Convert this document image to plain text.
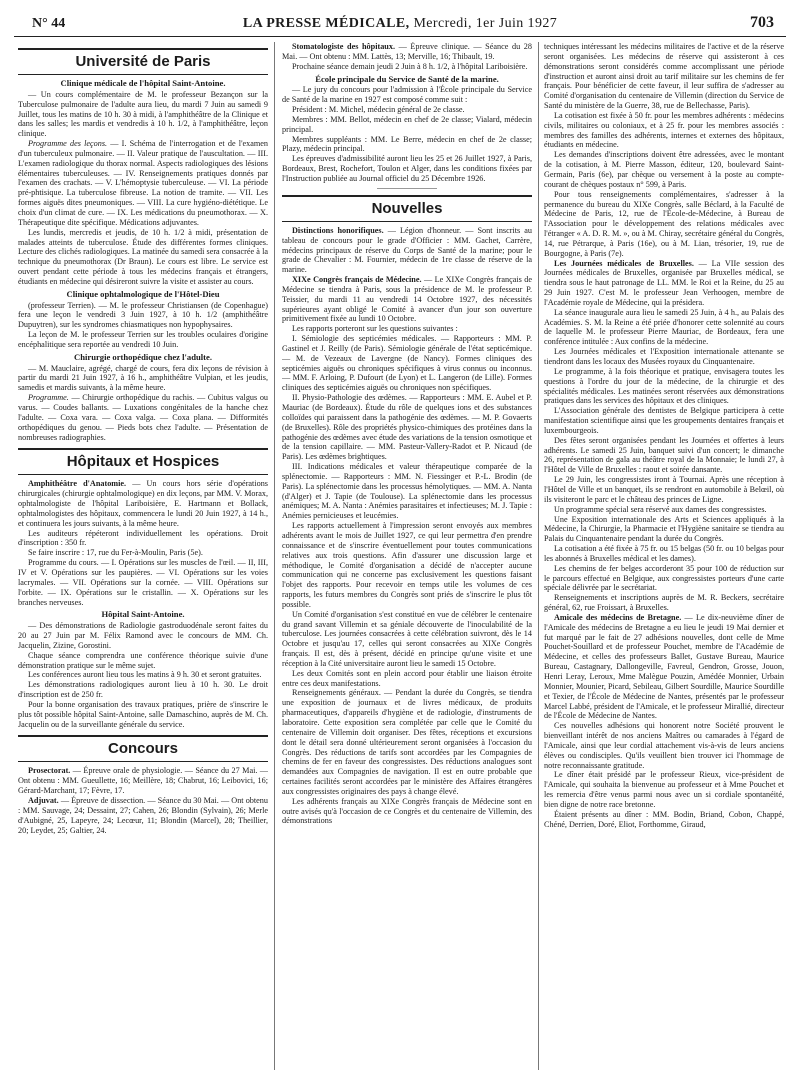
N° 44	LA PRESSE MÉDICALE, Mercredi, 1er Juin 1927	703
Université de Paris
Clinique médicale de l'hôpital Saint-Antoine.

— Un cours complémentaire de M. le professeur Bezançon sur la Tuberculose pulmonaire de l'adulte aura lieu, du mardi 7 Juin au samedi 9 Juillet, tous les matins de 10 h. 30 à midi, à l'amphithéâtre de la Clinique et dans les salles; les mardis et vendredis à 10 h. 1/2, à l'amphithéâtre, leçon clinique.

Programme des leçons. — I. Schéma de l'interrogation et de l'examen d'un tuberculeux pulmonaire. — II. Valeur pratique de l'auscultation. — III. L'examen radiologique du thorax normal. Aspects radiologiques des lésions élémentaires tuberculeuses. — IV. Renseignements pratiques donnés par l'examen des crachats. — V. L'hémoptysie tuberculeuse. — VI. La période pré-phtisique. La tuberculose fibreuse. La notion de tramite. — VII. Les formes aiguës dites pneumoniques. — VIII. La cure hygiéno-diététique. Le choix d'un climat de cure. — IX. Les médications du pneumothorax. — X. Thérapeutique dite spécifique. Médications adjuvantes.

Les lundis, mercredis et jeudis, de 10 h. 1/2 à midi, présentation de malades atteints de tuberculose. Étude des différentes formes cliniques. Lecture des clichés radiologiques. La matinée du samedi sera consacrée à la technique du pneumothorax (Dr Braun). Le cours est libre. Le service est ouvert pendant cette période à tous les médecins français et étrangers, étudiants en médecine qui désireront suivre la visite et assister au cours.

Clinique ophtalmologique de l'Hôtel-Dieu

(professeur Terrien). — M. le professeur Christiansen (de Copenhague) fera une leçon le vendredi 3 Juin 1927, à 10 h. 1/2 (amphithéâtre Dupuytren), sur les syndromes chiasmatiques non hypophysaires.

La leçon de M. le professeur Terrien sur les troubles oculaires d'origine encéphalitique sera reportée au vendredi 10 Juin.

Chirurgie orthopédique chez l'adulte.

— M. Mauclaire, agrégé, chargé de cours, fera dix leçons de révision à partir du mardi 21 Juin 1927, à 16 h., amphithéâtre Vulpian, et les jeudis, samedis et mardis suivants, à la même heure.

Programme. — Chirurgie orthopédique du rachis. — Cubitus valgus ou varus. — Coudes ballants. — Luxations congénitales de la hanche chez l'adulte. — Coxa vara. — Coxa valga. — Coxa plana. — Difformités orthopédiques du genou. — Pieds bots chez l'adulte. — Présentation de nombreuses radiographies.

Hôpitaux et Hospices

Amphithéâtre d'Anatomie. — Un cours hors série d'opérations chirurgicales (chirurgie ophtalmologique) en dix leçons, par MM. V. Morax, ophtalmologiste de l'hôpital Lariboisière, E. Hartmann et Bollack, ophtalmologistes des hôpitaux, commencera le lundi 20 Juin 1927, à 14 h., et continuera les jours suivants, à la même heure.

Les auditeurs répéteront individuellement les opérations. Droit d'inscription : 350 fr.

Se faire inscrire : 17, rue du Fer-à-Moulin, Paris (5e).

Programme du cours. — I. Opérations sur les muscles de l'œil. — II, III, IV et V. Opérations sur les paupières. — VI. Opérations sur les voies lacrymales. — VII. Opérations sur la cornée. — VIII. Opérations sur l'orbite. — IX. Opérations sur le cristallin. — X. Opérations sur les branches nerveuses.

Hôpital Saint-Antoine.

— Des démonstrations de Radiologie gastroduodénale seront faites du 20 au 27 Juin par M. Félix Ramond avec le concours de MM. Ch. Jacquelin, Zizine, Gorostini.

Chaque séance comprendra une conférence théorique suivie d'une démonstration pratique sur le même sujet.

Les conférences auront lieu tous les matins à 9 h. 30 et seront gratuites.

Les démonstrations radiologiques auront lieu à 10 h. 30. Le droit d'inscription est de 250 fr.

Pour la bonne organisation des travaux pratiques, prière de s'inscrire le plus tôt possible hôpital Saint-Antoine, salle Damaschino, auprès de M. Ch. Jacquelin ou de la surveillante générale du service.

Concours

Prosectorat. — Épreuve orale de physiologie. — Séance du 27 Mai. — Ont obtenu : MM. Gueullette, 16; Meillère, 18; Chabrut, 16; Leibovici, 16; Gérard-Marchant, 17; Fèvre, 17.

Adjuvat. — Épreuve de dissection. — Séance du 30 Mai. — Ont obtenu : MM. Sauvage, 24; Dessaint, 27; Cahen, 26; Blondin (Sylvain), 26; Merle d'Aubigné, 25, Lapeyre, 24; Lecœur, 11; Blondin (Marcel), 28; Theillier, 20; Leydet, 25; Galtier, 24.

Stomatologiste des hôpitaux. — Épreuve clinique. — Séance du 28 Mai. — Ont obtenu : MM. Lattès, 13; Merville, 16; Thibault, 19.

Prochaine séance demain jeudi 2 Juin à 8 h. 1/2, à l'hôpital Lariboisière.

École principale du Service de Santé de la marine.

— Le jury du concours pour l'admission à l'École principale du Service de Santé de la marine en 1927 est composé comme suit :

Président : M. Michel, médecin général de 2e classe.

Membres : MM. Bellot, médecin en chef de 2e classe; Vialard, médecin principal.

Membres suppléants : MM. Le Berre, médecin en chef de 2e classe; Plazy, médecin principal.

Les épreuves d'admissibilité auront lieu les 25 et 26 Juillet 1927, à Paris, Bordeaux, Brest, Rochefort, Toulon et Alger, dans les conditions fixées par l'Instruction publiée au Journal officiel du 25 Décembre 1926.

Nouvelles

Distinctions honorifiques. — Légion d'honneur. — Sont inscrits au tableau de concours pour le grade d'Officier : MM. Gachet, Carrère, médecins principaux de réserve du Corps de Santé de la marine; pour le grade de Chevalier : M. Fournier, médecin de 1re classe de réserve de la marine.

XIXe Congrès français de Médecine. — Le XIXe Congrès français de Médecine se tiendra à Paris, sous la présidence de M. le professeur P. Teissier, du mardi 11 au vendredi 14 Octobre 1927, des nécessités supérieures ayant obligé le Comité à avancer d'un jour son ouverture primitivement fixée au lundi 10 Octobre.

Les rapports porteront sur les questions suivantes :

I. Sémiologie des septicémies médicales. — Rapporteurs : MM. P. Gastinel et J. Reilly (de Paris). Sémiologie générale de l'état septicémique. — M. de Vezeaux de Lavergne (de Nancy). Formes cliniques des septicémies aiguës ou chroniques spécifiques à virus connus ou inconnus. — MM. F. Arloing, P. Dufourt (de Lyon) et L. Langeron (de Lille). Formes cliniques des septicémies aiguës ou chroniques non spécifiques.

II. Physio-Pathologie des œdèmes. — Rapporteurs : MM. E. Aubel et P. Mauriac (de Bordeaux). Étude du rôle de quelques ions et des substances colloïdes qui paraissent dans la pathogénie des œdèmes. — M. P. Govaerts (de Bruxelles). Rôle des propriétés physico-chimiques des protéines dans la pathogénie des œdèmes avec étude des variations de la tension osmotique et de la tension capillaire. — MM. Pasteur-Vallery-Radot et P. Nicaud (de Paris). Les œdèmes brightiques.

III. Indications médicales et valeur thérapeutique comparée de la splénectomie. — Rapporteurs : MM. N. Fiessinger et P.-L. Brodin (de Paris). La splénectomie dans les processus hémolytiques. — MM. A. Nanta (d'Alger) et J. Tapie (de Toulouse). La splénectomie dans les processus anémiques; M. A. Nanta : Anémies parasitaires et infectieuses; M. J. Tapie : Anémies pernicieuses et leucémies.

Les rapports actuellement à l'impression seront envoyés aux membres adhérents avant le mois de Juillet 1927, ce qui leur permettra d'en prendre connaissance et de s'inscrire éventuellement pour toutes communications relatives aux trois questions. Afin d'assurer une discussion large et méthodique, le Comité d'organisation a décidé de n'accepter aucune communication qui ne concerne pas exclusivement les questions faisant l'objet des rapports. Pour recevoir en temps utile les volumes de ces rapports, les futurs membres du Congrès sont priés de s'inscrire le plus tôt possible.

Un Comité d'organisation s'est constitué en vue de célébrer le centenaire du grand savant Villemin et sa géniale découverte de l'inoculabilité de la tuberculose. Les journées consacrées à cette célébration suivront, dès le 14 Octobre et jusqu'au 17, celles qui seront consacrées au XIXe Congrès français. Il est, dès à présent, décidé en principe qu'une visite et une réception à la Cité universitaire auront lieu le samedi 15 Octobre.

Les deux Comités sont en plein accord pour établir une liaison étroite entre ces deux manifestations.

Renseignements généraux. — Pendant la durée du Congrès, se tiendra une exposition de journaux et de livres médicaux, de produits pharmaceutiques, d'appareils d'hygiène et de radiologie, d'instruments de laboratoire. Cette exposition sera complétée par celle que le Comité du centenaire de Villemin doit organiser. Des fêtes, réceptions et excursions dont le détail sera donné ultérieurement seront organisées à l'occasion du Congrès. Des réductions de tarifs sont accordées par les Compagnies de chemins de fer en faveur des congressistes. Des réductions analogues sont demandées aux Compagnies de navigation. Il est en outre probable que certaines facilités seront accordées par le ministère des Affaires étrangères aux congressistes originaires des pays à change élevé.

Les adhérents français au XIXe Congrès français de Médecine sont en outre avisés qu'à l'occasion de ce Congrès et du centenaire de Villemin, des démonstrations

techniques intéressant les médecins militaires de l'active et de la réserve seront organisées. Les médecins de réserve qui assisteront à ces démonstrations seront considérés comme accomplissant une période d'instruction et auront ainsi droit au tarif militaire sur les chemins de fer français. Pour bénéficier de cette faveur, il leur suffira de s'adresser au Comité d'organisation du centenaire de Villemin (direction du Service de Santé du ministère de la Guerre, 38, rue de Bellechasse, Paris).

La cotisation est fixée à 50 fr. pour les membres adhérents : médecins civils, militaires ou coloniaux, et à 25 fr. pour les membres associés : membres des familles des adhérents, internes et externes des hôpitaux, étudiants en médecine.

Les demandes d'inscriptions doivent être adressées, avec le montant de la cotisation, à M. Pierre Masson, éditeur, 120, boulevard Saint-Germain, Paris (6e), par chèque ou versement à la poste au compte-courant de chèques postaux n° 599, à Paris.

Pour tous renseignements complémentaires, s'adresser à la permanence du bureau du XIXe Congrès, salle Béclard, à la Faculté de Médecine de Paris, 12, rue de l'École-de-Médecine, à Bureau de l'Association pour le développement des relations médicales avec l'étranger « A. D. R. M. », ou à M. Chiray, secrétaire général du Congrès, 14, rue Pétrarque, à Paris (16e), ou à M. Lian, trésorier, 19, rue de Bourgogne, à Paris (7e).

Les Journées médicales de Bruxelles. — La VIIe session des Journées médicales de Bruxelles, organisée par Bruxelles médical, se tiendra sous le haut patronage de LL. MM. le Roi et la Reine, du 25 au 29 Juin 1927. C'est M. le professeur Jean Verhoogen, membre de l'Académie royale de Médecine, qui la présidera.

La séance inaugurale aura lieu le samedi 25 Juin, à 4 h., au Palais des Académies. S. M. la Reine a été priée d'honorer cette solennité au cours de laquelle M. le professeur Pierre Mauriac, de Bordeaux, fera une conférence intitulée : Aux confins de la médecine.

Les Journées médicales et l'Exposition internationale attenante se tiendront dans les locaux des Musées royaux du Cinquantenaire.

Le programme, à la fois théorique et pratique, envisagera toutes les questions à l'ordre du jour de la médecine, de la chirurgie et des spécialités médicales. Les matinées seront réservées aux démonstrations pratiques dans les services des hôpitaux et des cliniques.

L'Association générale des dentistes de Belgique participera à cette manifestation scientifique ainsi que les groupements dentaires français et luxembourgeois.

Des fêtes seront organisées pendant les Journées et offertes à leurs adhérents. Le samedi 25 Juin, banquet suivi d'un concert; le dimanche 26, représentation de gala au théâtre royal de la Monnaie; le lundi 27, à l'Hôtel de Ville de Bruxelles : raout et soirée dansante.

Le 29 Juin, les congressistes iront à Tournai. Après une réception à l'Hôtel de Ville et un banquet, ils se rendront en automobile à Belœil, où ils visiteront le parc et le château des princes de Ligne.

Un programme spécial sera réservé aux dames des congressistes.

Une Exposition internationale des Arts et Sciences appliqués à la Médecine, la Chirurgie, la Pharmacie et l'Hygiène sanitaire se tiendra au Palais du Cinquantenaire pendant la durée du Congrès.

La cotisation a été fixée à 75 fr. ou 15 belgas (50 fr. ou 10 belgas pour les abonnés à Bruxelles médical et les dames).

Les chemins de fer belges accorderont 35 pour 100 de réduction sur le parcours effectué en Belgique, aux congressistes porteurs d'une carte spéciale délivrée par le secrétariat.

Renseignements et inscriptions auprès de M. R. Beckers, secrétaire général, 62, rue Froissart, à Bruxelles.

Amicale des médecins de Bretagne. — Le dix-neuvième dîner de l'Amicale des médecins de Bretagne a eu lieu le jeudi 19 Mai dernier et fut marqué par le fait de 27 adhésions nouvelles, dont celle de Mme Pouchet-Souillard et de professeur Pouchet, membre de l'Académie de Médecine, et celles des professeurs Ballet, Gustave Bureau, Maurice Bureau, Castagnary, Dallongeville, Favreul, Gendron, Grosse, Jouon, Henri Leray, Leroux, Mme Malègue Pouzin, Amédée Monnier, Urbain Monnier, Mounier, Picard, Sebileau, Gilbert Sourdille, Maurice Sourdille et Texier, de l'École de Médecine de Nantes, présentés par le professeur Marcel Labbé, président de l'Amicale, et le professeur Mirallié, directeur de l'École de Médecine de Nantes.

Ces nouvelles adhésions qui honorent notre Société prouvent le bienveillant intérêt de nos anciens Maîtres ou camarades à l'égard de l'Amicale, ainsi que leur cordial attachement vis-à-vis de leurs anciens élèves ou condisciples. Qu'ils veuillent bien trouver ici l'hommage de notre reconnaissante gratitude.

Le dîner était présidé par le professeur Rieux, vice-président de l'Amicale, qui souhaita la bienvenue au professeur et à Mme Pouchet et les remercia d'être venus parmi nous avec un si cordiale spontanéité, bien digne de notre race bretonne.

Étaient présents au dîner : MM. Bodin, Briand, Cobon, Chappé, Chéné, Derrien, Doré, Eliot, Forthomme, Giraud,
